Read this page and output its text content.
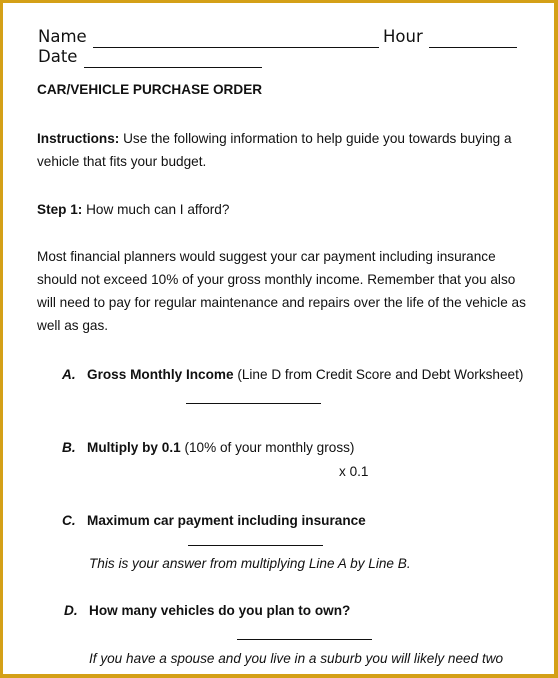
Name	Hour
Date
CAR/VEHICLE PURCHASE ORDER
Instructions: Use the following information to help guide you towards buying a
vehicle that fits your budget.
Step 1: How much can I afford?
Most financial planners would suggest your car payment including insurance
should not exceed 10% of your gross monthly income. Remember that you also
will need to pay for regular maintenance and repairs over the life of the vehicle as
well as gas.
A. Gross Monthly Income (Line D from Credit Score and Debt Worksheet)
B. Multiply by 0.1 (10% of your monthly gross)
x 0.1
C. Maximum car payment including insurance
This is your answer from multiplying Line A by Line B.
D. How many vehicles do you plan to own?
If you have a spouse and you live in a suburb you will likely need two
